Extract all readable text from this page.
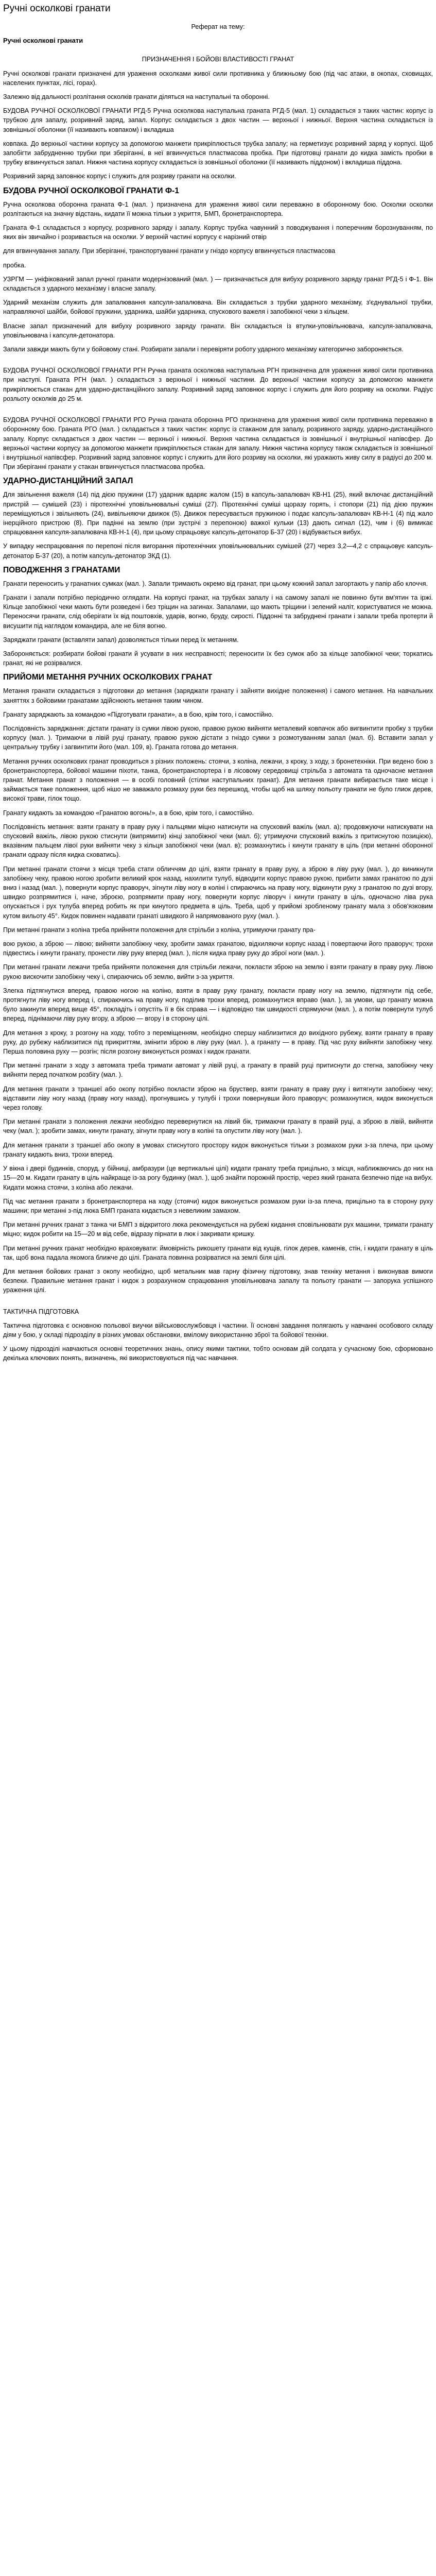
Ручні осколкові гранати

Реферат на тему:

Ручні осколкові гранати

ПРИЗНАЧЕННЯ І БОЙОВІ ВЛАСТИВОСТІ ГРАНАТ

Ручні осколкові гранати призначені для ураження осколками живої сили противника у ближньому бою (під час атаки, в окопах, сховищах, населених пунктах, лісі, горах).

Залежно від дальності розлітання осколків гранати діляться на наступальні та оборонні.

БУДОВА РУЧНОЇ ОСКОЛКОВОЇ ГРАНАТИ РГД-5 Ручна осколкова наступальна граната РГД-5 (мал. 1) складається з таких частин: корпус із трубкою для запалу, розривний заряд, запал. Корпус складається з двох частин — верхньої і нижньої. Верхня частина складається із зовнішньої оболонки (її називають ковпаком) і вкладиша

ковпака. До верхньої частини корпусу за допомогою манжети прикріплюється трубка запалу; на герметизує розривний заряд у корпусі. Щоб запобігти забрудненню трубки при зберіганні, в неї вгвинчується пластмасова пробка. При підготовці гранати до кидка замість пробки в трубку вгвинчується запал. Нижня частина корпусу складається із зовнішньої оболонки (її називають піддоном) і вкладиша піддона.

Розривний заряд заповнює корпус і служить для розриву гранати на осколки.

БУДОВА РУЧНОЇ ОСКОЛКОВОЇ ГРАНАТИ Ф-1

Ручна осколкова оборонна граната Ф-1 (мал. ) призначена для ураження живої сили переважно в оборонному бою. Осколки осколки розлітаються на значну відстань, кидати її можна тільки з укриття, БМП, бронетранспортера.

Граната Ф-1 складається з корпусу, розривного заряду і запалу. Корпус трубка чавунний з поводжування і поперечним борознуванням, по яких він звичайно і розривається на осколки. У верхній частині корпусу є нарізний отвір

для вгвинчування запалу. При зберіганні, транспортуванні гранати у гніздо корпусу вгвинчується пластмасова

пробка.

УЗРГМ — уніфікований запал ручної гранати модернізований (мал. ) — призначається для вибуху розривного заряду гранат РГД-5 і Ф-1. Він складається з ударного механізму і власне запалу.

Ударний механізм служить для запалювання капсуля-запалювача. Він складається з трубки ударного механізму, з'єднувальної трубки, направляючої шайби, бойової пружини, ударника, шайби ударника, спускового важеля і запобіжної чеки з кільцем.

Власне запал призначений для вибуху розривного заряду гранати. Він складається із втулки-уповільнювача, капсуля-запалювача, уповільнювача і капсуля-детонатора.

Запали завжди мають бути у бойовому стані. Розбирати запали і перевіряти роботу ударного механізму категорично забороняється.

БУДОВА РУЧНОЇ ОСКОЛКОВОЇ ГРАНАТИ РГН Ручна граната осколкова наступальна РГН призначена для ураження живої сили противника при наступі. Граната РГН (мал. ) складається з верхньої і нижньої частини. До верхньої частини корпусу за допомогою манжети прикріплюється стакан для ударно-дистанційного запалу. Розривний заряд заповнює корпус і служить для його розриву на осколки. Радіус розльоту осколків до 25 м.

БУДОВА РУЧНОЇ ОСКОЛКОВОЇ ГРАНАТИ РГО Ручна граната оборонна РГО призначена для ураження живої сили противника переважно в оборонному бою. Граната РГО (мал. ) складається з таких частин: корпус із стаканом для запалу, розривного заряду, ударно-дистанційного запалу. Корпус складається з двох частин — верхньої і нижньої. Верхня частина складається із зовнішньої і внутрішньої напівсфер. До верхньої частини корпусу за допомогою манжети прикріплюється стакан для запалу. Нижня частина корпусу також складається із зовнішньої і внутрішньої напівсфер. Розривний заряд заповнює корпус і служить для його розриву на осколки, які уражають живу силу в радіусі до 200 м. При зберіганні гранати у стакан вгвинчується пластмасова пробка.

УДАРНО-ДИСТАНЦІЙНИЙ ЗАПАЛ

Для звільнення важеля (14) під дією пружини (17) ударник вдаряє жалом (15) в капсуль-запалювач КВ-Н1 (25), який включає дистанційний пристрій — сумішей (23) і піротехнічні уповільнювальні суміші (27). Піротехнічні суміші щоразу горять, і стопори (21) під дією пружин переміщуються і звільняють (24), вивільняючи движок (5). Движок пересувається пружиною і подає капсуль-запалювач КВ-Н-1 (4) під жало інерційного пристрою (8). При падінні на землю (при зустрічі з перепоною) важкої кульки (13) дають сигнал (12), чим і (6) вимикає спрацювання капсуля-запалювача КВ-Н-1 (4), при цьому спрацьовує капсуль-детонатор Б-37 (20) і відбувається вибух.

У випадку неспрацювання по перепоні після вигорання піротехнічних уповільнювальних сумішей (27) через 3,2—4,2 с спрацьовує капсуль-детонатор Б-37 (20), а потім капсуль-детонатор ЗКД (1).

ПОВОДЖЕННЯ З ГРАНАТАМИ

Гранати переносить у гранатних сумках (мал. ). Запали тримають окремо від гранат, при цьому кожний запал загортають у папір або клоччя.

Гранати і запали потрібно періодично оглядати. На корпусі гранат, на трубках запалу і на самому запалі не повинно бути вм'ятин та іржі. Кільце запобіжної чеки мають бути розведені і без тріщин на загинах. Запалами, що мають тріщини і зелений наліт, користуватися не можна. Переносячи гранати, слід оберігати їх від поштовхів, ударів, вогню, бруду, сирості. Піддонні та забруднені гранати і запали треба протерти й висушити під наглядом командира, але не біля вогню.

Заряджати гранати (вставляти запал) дозволяється тільки перед їх метанням.

Забороняється: розбирати бойові гранати й усувати в них несправності; переносити їх без сумок або за кільце запобіжної чеки; торкатись гранат, які не розірвалися.

ПРИЙОМИ МЕТАННЯ РУЧНИХ ОСКОЛКОВИХ ГРАНАТ

Метання гранати складається з підготовки до метання (заряджати гранату і зайняти вихідне положення) і самого метання. На навчальних заняттях з бойовими гранатами здійснюють метання таким чином.

Гранату заряджають за командою «Підготувати гранати», а в бою, крім того, і самостійно.

Послідовність заряджання: дістати гранату із сумки лівою рукою, правою рукою вийняти металевий ковпачок або вигвинтити пробку з трубки корпусу (мал. ). Тримаючи в лівій руці гранату, правою рукою дістати з гніздо сумки з розмотуванням запал (мал. б). Вставити запал у центральну трубку і загвинтити його (мал. 109, в). Граната готова до метання.

Метання ручних осколкових гранат проводиться з різних положень: стоячи, з коліна, лежачи, з кроку, з ходу, з бронетехніки. При ведено бою з бронетранспортера, бойової машини піхоти, танка, бронетранспортера і в лісовому середовищі стрільба з автомата та одночасне метання гранат. Метання гранат з положення — в особі головний (стілки наступальних гранат). Для метання гранати вибирається таке місце і займається таке положення, щоб нішо не заважало розмаху руки без перешкод, чтобы щоб на шляху польоту гранати не було глиок дерев, високої трави, гілок тощо.

Гранату кидають за командою «Гранатою вогонь!», а в бою, крім того, і самостійно.

Послідовність метання: взяти гранату в праву руку і пальцями міцно натиснути на спусковий важіль (мал. а); продовжуючи натискувати на спусковий важіль, лівою рукою стиснути (випрямити) кінці запобіжної чеки (мал. б); утримуючи спусковий важіль з притиснутою позицією), вказівним пальцем лівої руки вийняти чеку з кільця запобіжної чеки (мал. в); розмахнутись і кинути гранату в ціль (при метанні оборонної гранати одразу після кидка сховатись).

При метанні гранати стоячи з місця треба стати обличчям до цілі, взяти гранату в праву руку, а зброю в ліву руку (мал. ), до виникнути запобіжну чеку, правою ногою зробити великий крок назад, нахилити тулуб, відводити корпус правою рукою, прибити замах гранатою по дузі вниз і назад (мал. ), повернути корпус праворуч, зігнути ліву ногу в коліні і спираючись на праву ногу, відкинути руку з гранатою по дузі вгору, швидко розпрямитися і, наче, зброєю, розпрямити праву ногу, повернути корпус ліворуч і кинути гранату в ціль, одночасно ліва рука опускається і рух тулуба вперед робить як при кинутого предмета в ціль. Треба, щоб у прийомі зробленому гранату мала з обов'язковим кутом вильоту 45°. Кидок повинен надавати гранаті швидкого й напрямованого руху (мал. ).

При метанні гранати з коліна треба прийняти положення для стрільби з коліна, утримуючи гранату пра-

вою рукою, а зброю — лівою; вийняти запобіжну чеку, зробити замах гранатою, відхиляючи корпус назад і повертаючи його праворуч; трохи підвестись і кинути гранату, пронести ліву руку вперед (мал. ), після кидка праву руку до зброї ноги (мал. ).

При метанні гранати лежачи треба прийняти положення для стрільби лежачи, покласти зброю на землю і взяти гранату в праву руку. Лівою рукою вискочити запобіжну чеку і, спираючись об землю, вийти з-за укриття.

Злегка підтягнутися вперед, правою ногою на коліно, взяти в праву руку гранату, покласти праву ногу на землю, підтягнути під себе, протягнути ліву ногу вперед і, спираючись на праву ногу, поділив трохи вперед, розмахнутися вправо (мал. ), за умови, що гранату можна було закинути вперед вище 45°, покладіть і опустіть її в бік справа — і відповідно так швидкості спрямуючи (мал. ), а потім повернути тулуб вперед, піднімаючи ліву руку вгору, а зброю — вгору і в сторону цілі.

Для метання з кроку, з розгону на ходу, тобто з переміщенням, необхідно спершу наблизитися до вихідного рубежу, взяти гранату в праву руку, до рубежу наблизитися під прикриттям, змінити зброю в ліву руку (мал. ), а гранату — в праву. Під час руху вийняти запобіжну чеку. Перша половина руху — розгін; після розгону виконується розмах і кидок гранати.

При метанні гранати з ходу з автомата треба тримати автомат у лівій руці, а гранату в правій руці притиснути до стегна, запобіжну чеку вийняти перед початком розбігу (мал. ).

Для метання гранати з траншеї або окопу потрібно покласти зброю на бруствер, взяти гранату в праву руку і витягнути запобіжну чеку; відставити ліву ногу назад (праву ногу назад), прогнувшись у тулубі і трохи повернувши його праворуч; розмахнутися, кидок виконується через голову.

При метанні гранати з положення лежачи необхідно перевернутися на лівий бік, тримаючи гранату в правій руці, а зброю в лівій, вийняти чеку (мал. ); зробити замах, кинути гранату, зігнути праву ногу в коліні та опустити ліву ногу (мал. ).

Для метання гранати з траншеї або окопу в умовах стиснутого простору кидок виконується тільки з розмахом руки з-за плеча, при цьому гранату кидають вниз, трохи вперед.

У вікна і двері будинків, споруд, у бійниці, амбразури (це вертикальні цілі) кидати гранату треба прицільно, з місця, наближаючись до них на 15—20 м. Кидати гранату в ціль найкраще із-за рогу будинку (мал. ), щоб знайти порожній простір, через який граната безпечно піде на вибух. Кидати можна стоячи, з коліна або лежачи.

Під час метання гранати з бронетранспортера на ходу (стоячи) кидок виконується розмахом руки із-за плеча, прицільно та в сторону руху машини; при метанні з-під люка БМП граната кидається з невеликим замахом.

При метанні ручних гранат з танка чи БМП з відкритого люка рекомендується на рубежі кидання сповільнювати рух машини, тримати гранату міцно; кидок робити на 15—20 м від себе, відразу пірнати в люк і закривати кришку.

При метанні ручних гранат необхідно враховувати: ймовірність рикошету гранати від кущів, гілок дерев, каменів, стін, і кидати гранату в ціль так, щоб вона падала якомога ближче до цілі. Граната повинна розірватися на землі біля цілі.

Для метання бойових гранат з окопу необхідно, щоб метальник мав гарну фізичну підготовку, знав техніку метання і виконував вимоги безпеки. Правильне метання гранат і кидок з розрахунком спрацювання уповільнювача запалу та польоту гранати — запорука успішного ураження цілі.

ТАКТИЧНА ПІДГОТОВКА

Тактична підготовка є основною польової виучки військовослужбовця і частини. Її основні завдання полягають у навчанні особового складу діям у бою, у складі підрозділу в різних умовах обстановки, вмілому використанню зброї та бойової техніки.

У цьому підрозділі навчаються основні теоретичних знань, опису якими тактики, тобто основам дій солдата у сучасному бою, сформовано декілька ключових понять, визначень, які використовуються під час навчання.
